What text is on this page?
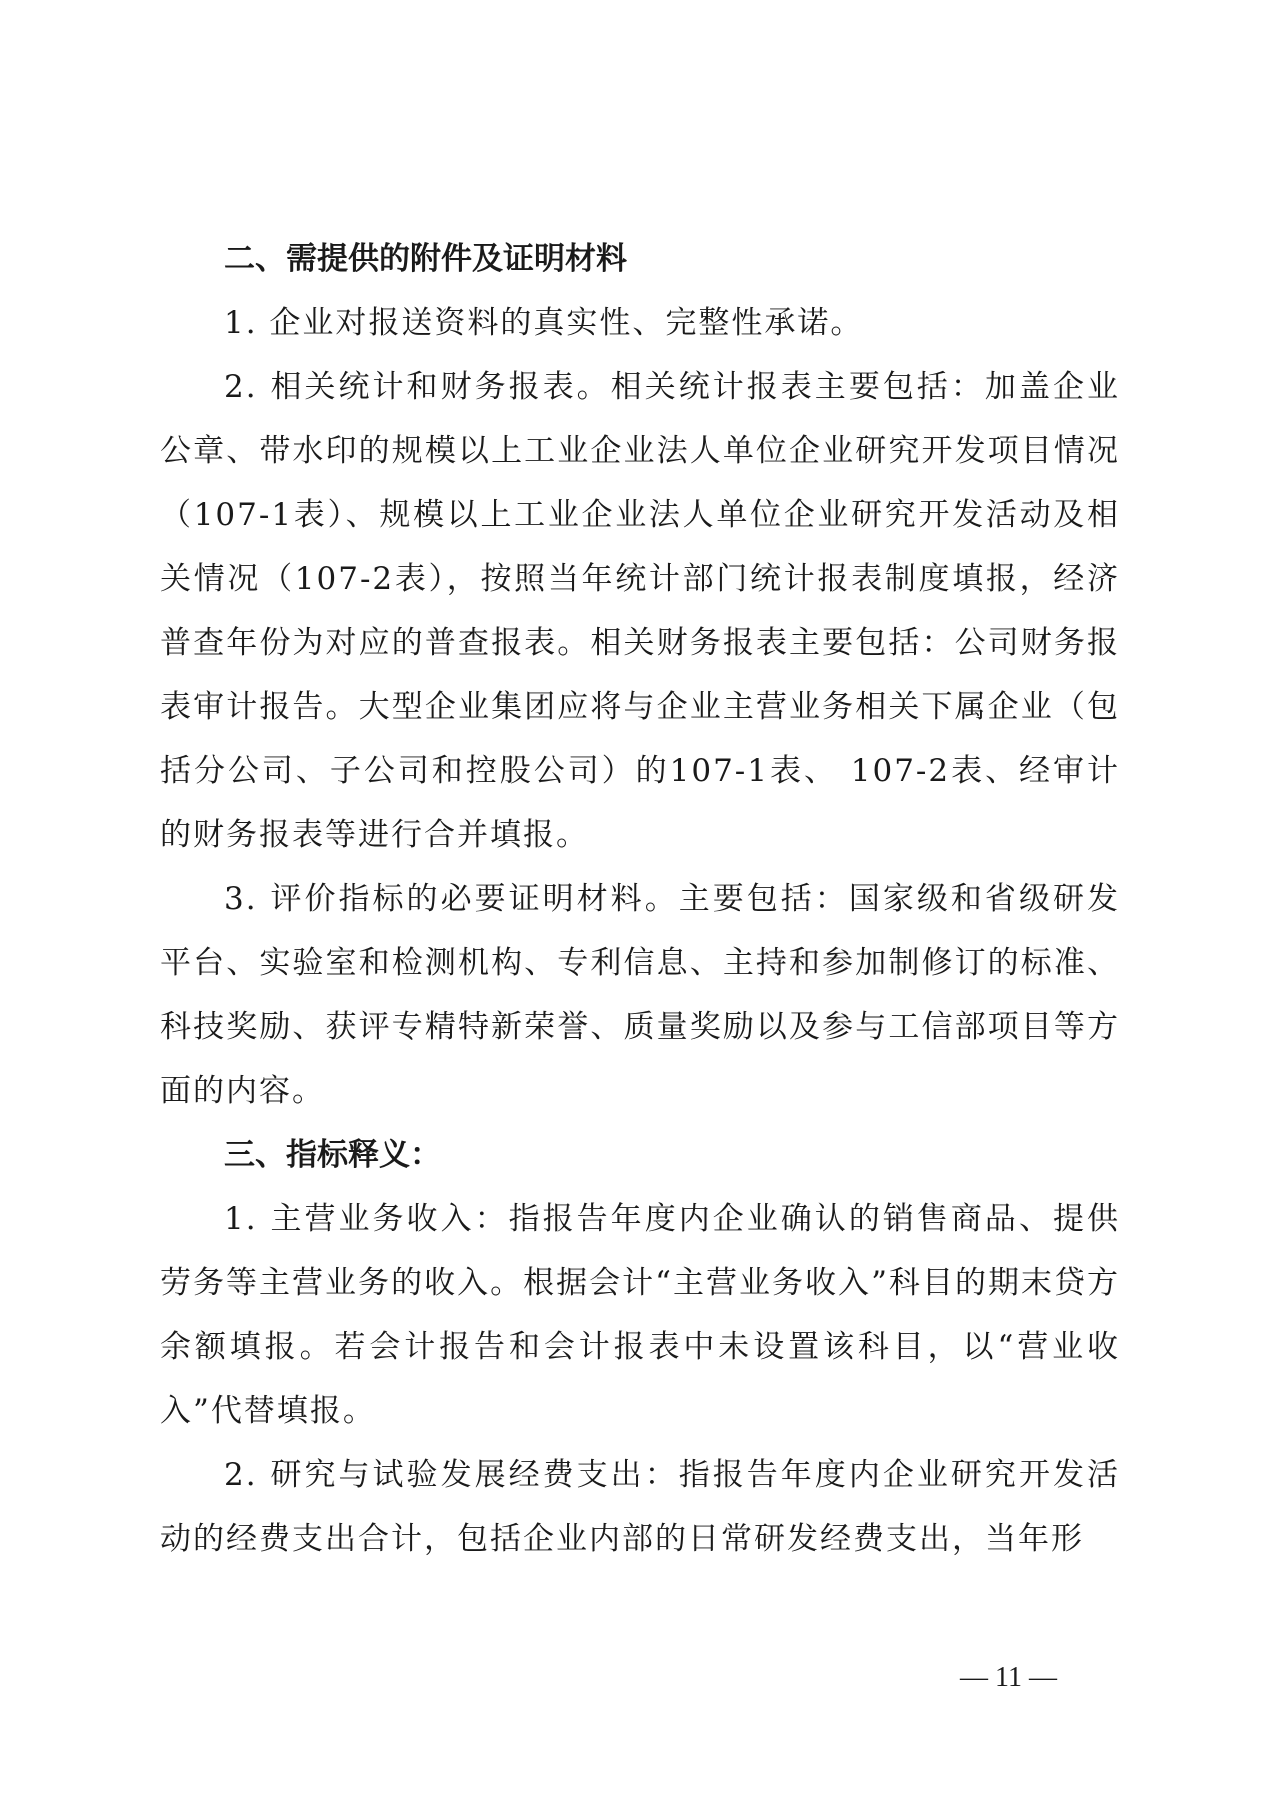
二、需提供的附件及证明材料

1. 企业对报送资料的真实性、完整性承诺。

2. 相关统计和财务报表。相关统计报表主要包括：加盖企业公章、带水印的规模以上工业企业法人单位企业研究开发项目情况（107-1表）、规模以上工业企业法人单位企业研究开发活动及相关情况（107-2表），按照当年统计部门统计报表制度填报，经济普查年份为对应的普查报表。相关财务报表主要包括：公司财务报表审计报告。大型企业集团应将与企业主营业务相关下属企业（包括分公司、子公司和控股公司）的107-1表、 107-2表、经审计的财务报表等进行合并填报。

3. 评价指标的必要证明材料。主要包括：国家级和省级研发平台、实验室和检测机构、专利信息、主持和参加制修订的标准、科技奖励、获评专精特新荣誉、质量奖励以及参与工信部项目等方面的内容。

三、指标释义：

1. 主营业务收入：指报告年度内企业确认的销售商品、提供劳务等主营业务的收入。根据会计“主营业务收入”科目的期末贷方余额填报。若会计报告和会计报表中未设置该科目，以“营业收入”代替填报。

2. 研究与试验发展经费支出：指报告年度内企业研究开发活动的经费支出合计，包括企业内部的日常研发经费支出，当年形

— 11 —
